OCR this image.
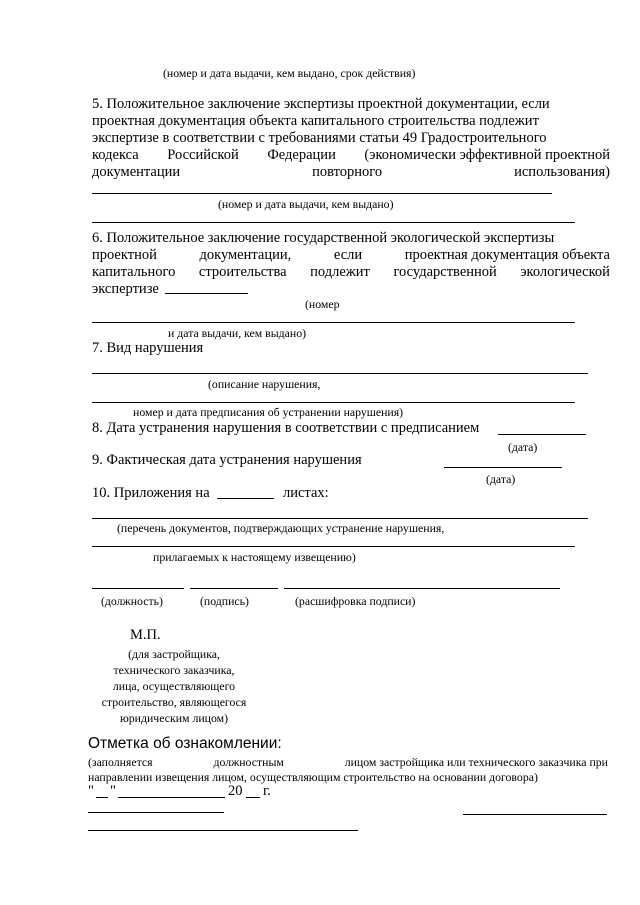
(номер и дата выдачи, кем выдано, срок действия)
5. Положительное заключение экспертизы проектной документации, если
проектная документация объекта капитального строительства подлежит
экспертизе в соответствии с требованиями статьи 49 Градостроительного
кодекса Российской Федерации (экономически эффективной проектной
документации	повторного	использования)
(номер и дата выдачи, кем выдано)
6. Положительное заключение государственной экологической экспертизы
проектной	документации,	если	проектная документация объекта
капитального строительства подлежит государственной экологической
экспертизе
(номер
и дата выдачи, кем выдано)
7. Вид нарушения
(описание нарушения,
номер и дата предписания об устранении нарушения)
8. Дата устранения нарушения в соответствии с предписанием
(дата)
9. Фактическая дата устранения нарушения
(дата)
10. Приложения на	листах:
(перечень документов, подтверждающих устранение нарушения,
прилагаемых к настоящему извещению)
(должность)	(подпись)	(расшифровка подписи)
М.П.
(для застройщика,
технического заказчика,
лица, осуществляющего
строительство, являющегося
юридическим лицом)
Отметка об ознакомлении:
(заполняется	должностным	лицом застройщика или технического заказчика при
направлении извещения лицом, осуществляющим строительство на основании договора)
" "	20 г.
